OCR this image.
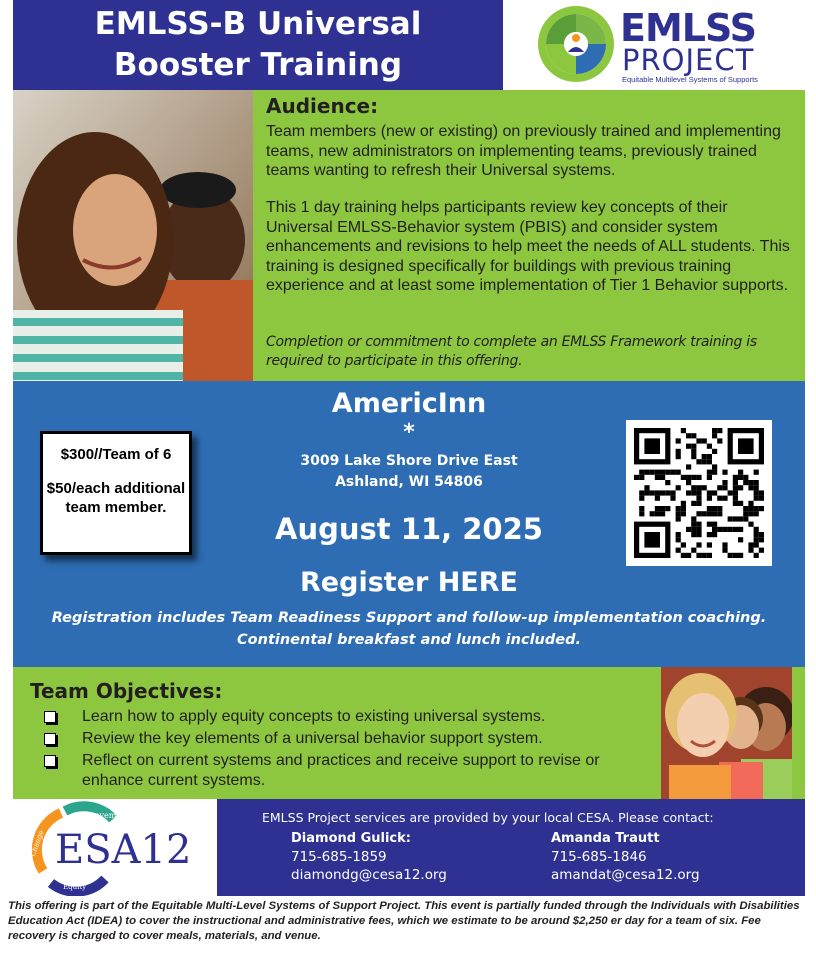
EMLSS-B Universal
Booster Training
EMLSS
PROJECT
Equitable Multilevel Systems of Supports
Audience:
Team members (new or existing) on previously trained and implementing teams, new administrators on implementing teams, previously trained teams wanting to refresh their Universal systems.
This 1 day training helps participants review key concepts of their Universal EMLSS-Behavior system (PBIS) and consider system enhancements and revisions to help meet the needs of ALL students. This training is designed specifically for buildings with previous training experience and at least some implementation of Tier 1 Behavior supports.
Completion or commitment to complete an EMLSS Framework training is required to participate in this offering.
AmericInn
*
3009 Lake Shore Drive East
Ashland, WI 54806
August 11, 2025
Register HERE
Registration includes Team Readiness Support and follow-up implementation coaching.
Continental breakfast and lunch included.
$300//Team of 6
$50/each additional team member.
Team Objectives:
Learn how to apply equity concepts to existing universal systems.
Review the key elements of a universal behavior support system.
Reflect on current systems and practices and receive support to revise or enhance current systems.
Improvement
Change
Equity
ESA12
EMLSS Project services are provided by your local CESA. Please contact:
Diamond Gulick:
715-685-1859
diamondg@cesa12.org
Amanda Trautt
715-685-1846
amandat@cesa12.org
This offering is part of the Equitable Multi-Level Systems of Support Project. This event is partially funded through the Individuals with Disabilities Education Act (IDEA) to cover the instructional and administrative fees, which we estimate to be around $2,250 er day for a team of six. Fee recovery is charged to cover meals, materials, and venue.
